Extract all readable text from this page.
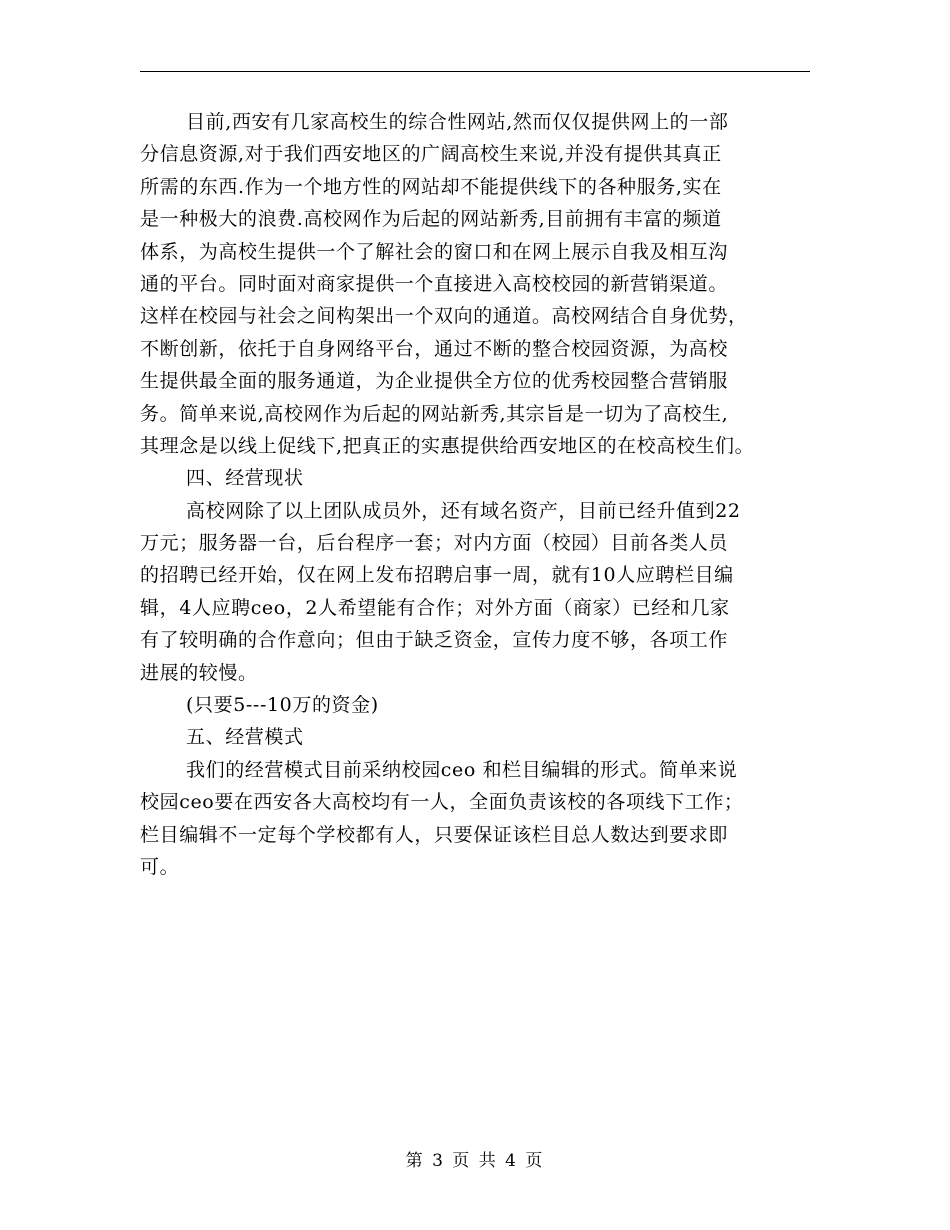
目前,西安有几家高校生的综合性网站,然而仅仅提供网上的一部
分信息资源,对于我们西安地区的广阔高校生来说,并没有提供其真正
所需的东西.作为一个地方性的网站却不能提供线下的各种服务,实在
是一种极大的浪费.高校网作为后起的网站新秀,目前拥有丰富的频道
体系，为高校生提供一个了解社会的窗口和在网上展示自我及相互沟
通的平台。同时面对商家提供一个直接进入高校校园的新营销渠道。
这样在校园与社会之间构架出一个双向的通道。高校网结合自身优势，
不断创新，依托于自身网络平台，通过不断的整合校园资源，为高校
生提供最全面的服务通道，为企业提供全方位的优秀校园整合营销服
务。简单来说,高校网作为后起的网站新秀,其宗旨是一切为了高校生,
其理念是以线上促线下,把真正的实惠提供给西安地区的在校高校生们。
四、经营现状
高校网除了以上团队成员外，还有域名资产，目前已经升值到22
万元；服务器一台，后台程序一套；对内方面（校园）目前各类人员
的招聘已经开始，仅在网上发布招聘启事一周，就有10人应聘栏目编
辑，4人应聘ceo，2人希望能有合作；对外方面（商家）已经和几家
有了较明确的合作意向；但由于缺乏资金，宣传力度不够，各项工作
进展的较慢。
(只要5---10万的资金)
五、经营模式
我们的经营模式目前采纳校园ceo 和栏目编辑的形式。简单来说
校园ceo要在西安各大高校均有一人，全面负责该校的各项线下工作；
栏目编辑不一定每个学校都有人，只要保证该栏目总人数达到要求即
可。
第 3 页 共 4 页
